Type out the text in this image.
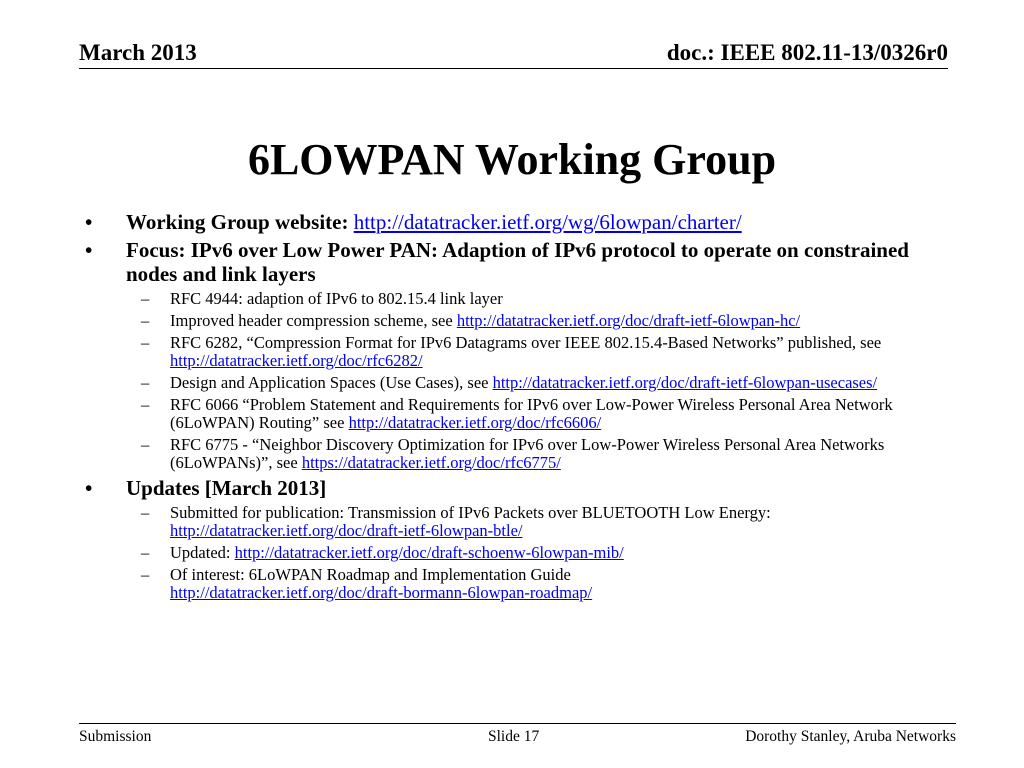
March 2013	doc.: IEEE 802.11-13/0326r0
6LOWPAN Working Group
• Working Group website: http://datatracker.ietf.org/wg/6lowpan/charter/
• Focus: IPv6 over Low Power PAN: Adaption of IPv6 protocol to operate on constrained nodes and link layers
– RFC 4944: adaption of IPv6 to 802.15.4 link layer
– Improved header compression scheme, see http://datatracker.ietf.org/doc/draft-ietf-6lowpan-hc/
– RFC 6282, “Compression Format for IPv6 Datagrams over IEEE 802.15.4-Based Networks” published, see  http://datatracker.ietf.org/doc/rfc6282/
– Design and Application Spaces (Use Cases), see http://datatracker.ietf.org/doc/draft-ietf-6lowpan-usecases/
– RFC 6066 “Problem Statement and Requirements for IPv6 over Low-Power Wireless Personal Area Network (6LoWPAN) Routing” see http://datatracker.ietf.org/doc/rfc6606/
– RFC 6775 - “Neighbor Discovery Optimization for IPv6 over Low-Power Wireless Personal Area Networks (6LoWPANs)”, see https://datatracker.ietf.org/doc/rfc6775/
• Updates [March 2013]
– Submitted for publication: Transmission of IPv6 Packets over BLUETOOTH Low Energy: http://datatracker.ietf.org/doc/draft-ietf-6lowpan-btle/
– Updated: http://datatracker.ietf.org/doc/draft-schoenw-6lowpan-mib/
– Of interest: 6LoWPAN Roadmap and Implementation Guide
http://datatracker.ietf.org/doc/draft-bormann-6lowpan-roadmap/
Submission	Slide 17	Dorothy Stanley, Aruba Networks
